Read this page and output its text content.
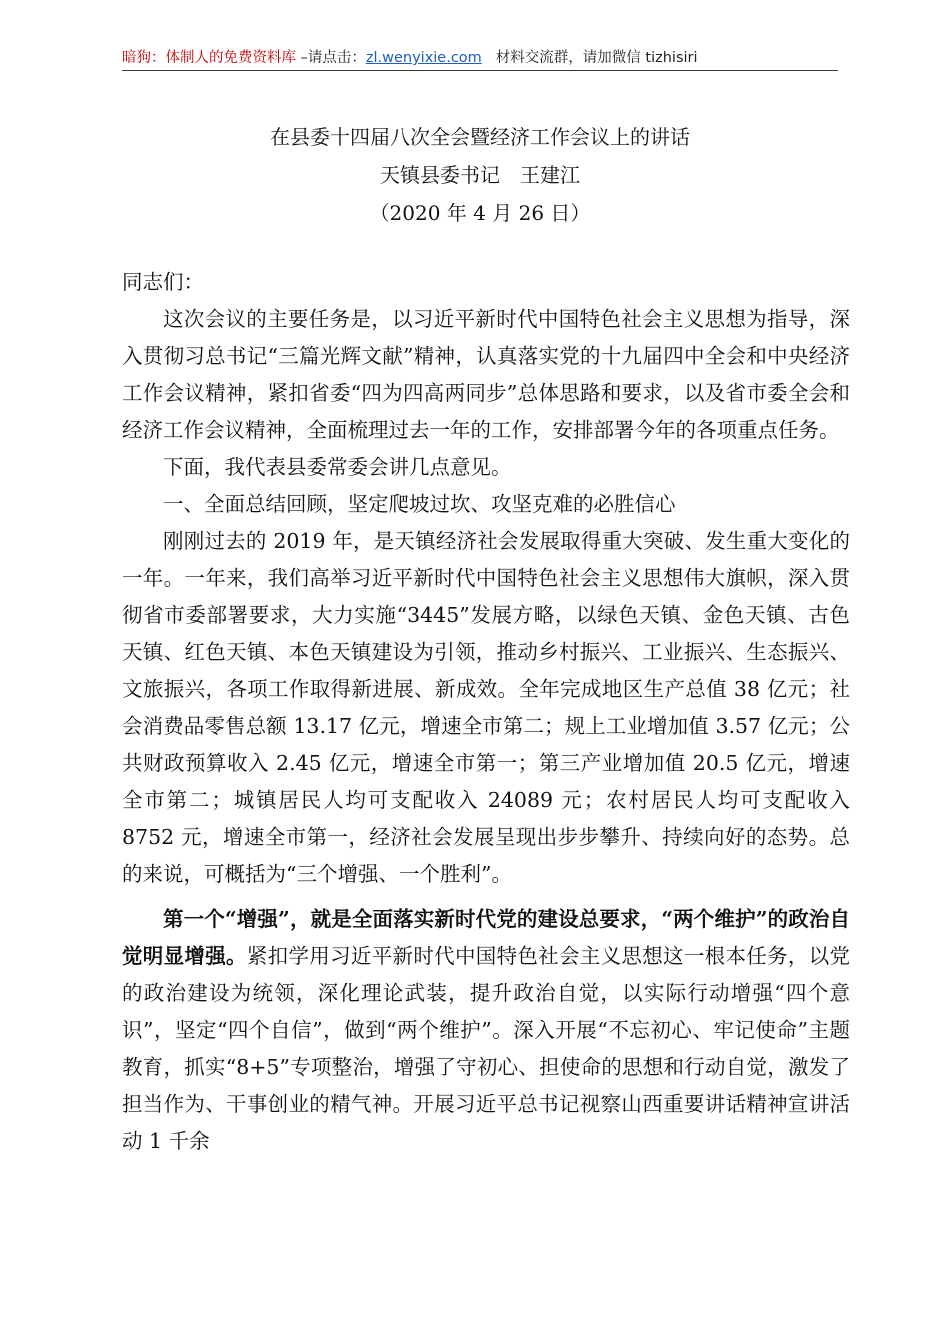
暗狗：体制人的免费资料库 –请点击：zl.wenyixie.com 材料交流群，请加微信 tizhisiri
在县委十四届八次全会暨经济工作会议上的讲话
天镇县委书记　王建江
（2020 年 4 月 26 日）

同志们：

这次会议的主要任务是，以习近平新时代中国特色社会主义思想为指导，深入贯彻习总书记“三篇光辉文献”精神，认真落实党的十九届四中全会和中央经济工作会议精神，紧扣省委“四为四高两同步”总体思路和要求，以及省市委全会和经济工作会议精神，全面梳理过去一年的工作，安排部署今年的各项重点任务。

下面，我代表县委常委会讲几点意见。

一、全面总结回顾，坚定爬坡过坎、攻坚克难的必胜信心

刚刚过去的 2019 年，是天镇经济社会发展取得重大突破、发生重大变化的一年。一年来，我们高举习近平新时代中国特色社会主义思想伟大旗帜，深入贯彻省市委部署要求，大力实施“3445”发展方略，以绿色天镇、金色天镇、古色天镇、红色天镇、本色天镇建设为引领，推动乡村振兴、工业振兴、生态振兴、文旅振兴，各项工作取得新进展、新成效。全年完成地区生产总值 38 亿元；社会消费品零售总额 13.17 亿元，增速全市第二；规上工业增加值 3.57 亿元；公共财政预算收入 2.45 亿元，增速全市第一；第三产业增加值 20.5 亿元，增速全市第二；城镇居民人均可支配收入 24089 元；农村居民人均可支配收入 8752 元，增速全市第一，经济社会发展呈现出步步攀升、持续向好的态势。总的来说，可概括为“三个增强、一个胜利”。

第一个“增强”，就是全面落实新时代党的建设总要求，“两个维护”的政治自觉明显增强。紧扣学用习近平新时代中国特色社会主义思想这一根本任务，以党的政治建设为统领，深化理论武装，提升政治自觉，以实际行动增强“四个意识”，坚定“四个自信”，做到“两个维护”。深入开展“不忘初心、牢记使命”主题教育，抓实“8+5”专项整治，增强了守初心、担使命的思想和行动自觉，激发了担当作为、干事创业的精气神。开展习近平总书记视察山西重要讲话精神宣讲活动 1 千余
